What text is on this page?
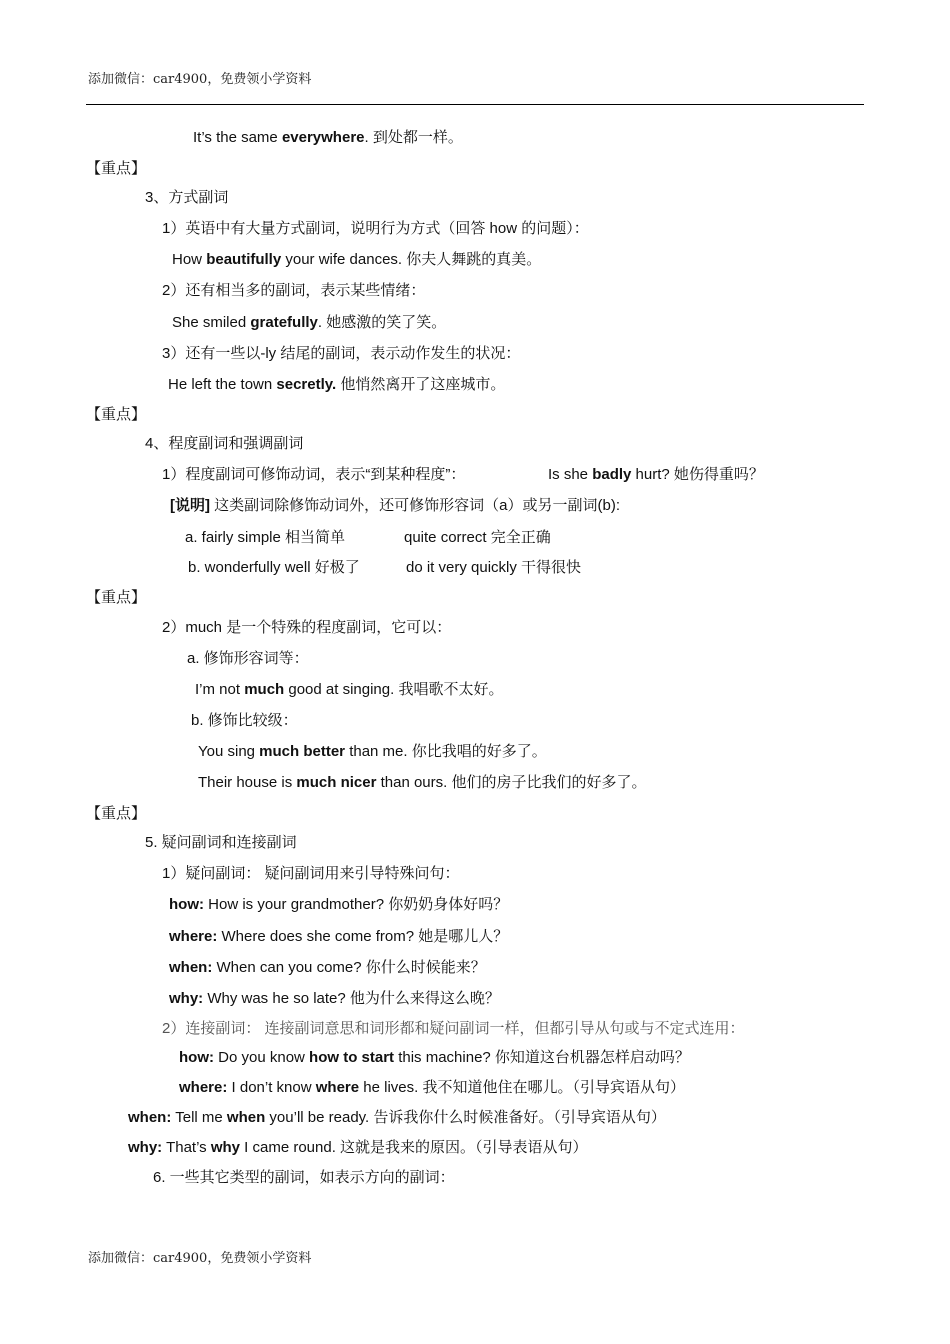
添加微信：car4900，免费领小学资料
It’s the same everywhere. 到处都一样。
【重点】
3、方式副词
1）英语中有大量方式副词，说明行为方式（回答 how 的问题）：
How beautifully your wife dances. 你夫人舞跳的真美。
2）还有相当多的副词，表示某些情绪：
She smiled gratefully. 她感激的笑了笑。
3）还有一些以-ly 结尾的副词，表示动作发生的状况：
He left the town secretly. 他悄然离开了这座城市。
【重点】
4、程度副词和强调副词
1）程度副词可修饰动词，表示“到某种程度”：	Is she badly hurt? 她伤得重吗？
[说明] 这类副词除修饰动词外，还可修饰形容词（a）或另一副词(b):
a. fairly simple 相当简单	quite correct 完全正确
b. wonderfully well 好极了	do it very quickly 干得很快
【重点】
2）much 是一个特殊的程度副词，它可以：
a. 修饰形容词等：
I’m not much good at singing. 我唱歌不太好。
b. 修饰比较级：
You sing much better than me. 你比我唱的好多了。
Their house is much nicer than ours. 他们的房子比我们的好多了。
【重点】
5. 疑问副词和连接副词
1）疑问副词： 疑问副词用来引导特殊问句：
how: How is your grandmother? 你奶奶身体好吗？
where: Where does she come from? 她是哪儿人？
when: When can you come? 你什么时候能来？
why: Why was he so late? 他为什么来得这么晚？
2）连接副词： 连接副词意思和词形都和疑问副词一样，但都引导从句或与不定式连用：
how: Do you know how to start this machine? 你知道这台机器怎样启动吗？
where: I don’t know where he lives. 我不知道他住在哪儿。（引导宾语从句）
when: Tell me when you’ll be ready. 告诉我你什么时候准备好。（引导宾语从句）
why: That’s why I came round. 这就是我来的原因。（引导表语从句）
6. 一些其它类型的副词，如表示方向的副词：
添加微信：car4900，免费领小学资料
